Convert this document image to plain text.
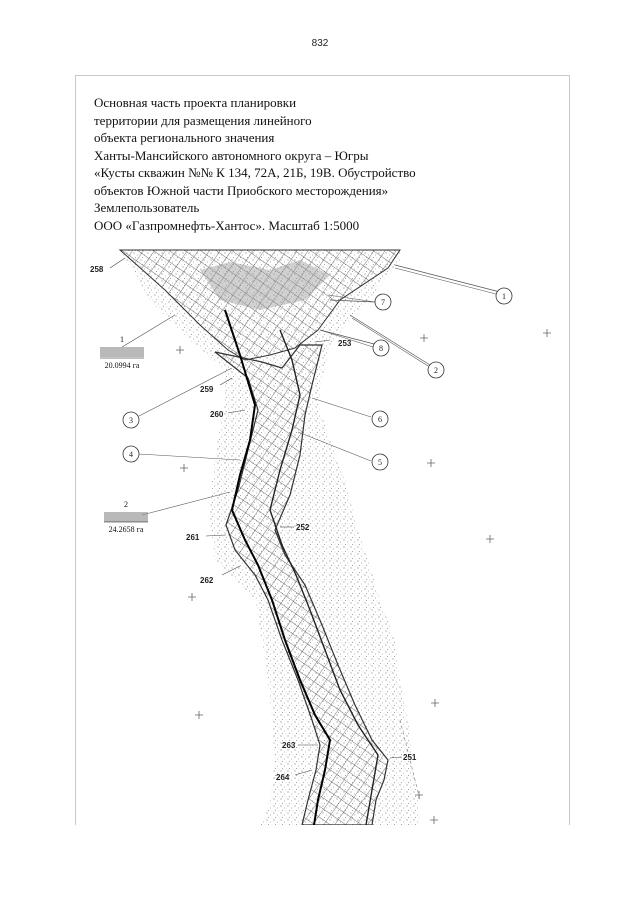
832
Основная часть проекта планировки
территории для размещения линейного
объекта регионального значения
Ханты-Мансийского автономного округа – Югры
«Кусты скважин №№ К 134, 72А, 21Б, 19В. Обустройство
объектов Южной части Приобского месторождения»
Землепользователь
ООО «Газпромнефть-Хантос». Масштаб 1:5000
258
253
259
260
252
261
262
263
264
251
1
2
3
4
5
6
7
8
1
20.0994 га
2
24.2658 га
